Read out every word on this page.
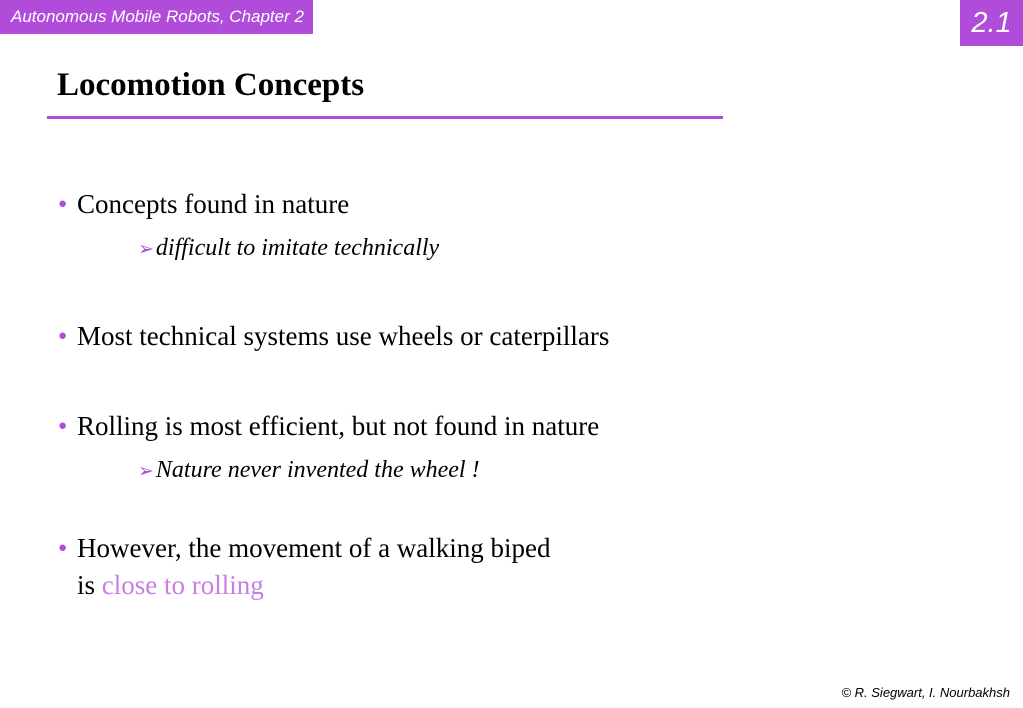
Autonomous Mobile Robots, Chapter 2	2.1
Locomotion Concepts
● Concepts found in nature
➢difficult to imitate technically
● Most technical systems use wheels or caterpillars
● Rolling is most efficient, but not found in nature
➢Nature never invented the wheel !
● However, the movement of a walking biped
is close to rolling
© R. Siegwart, I. Nourbakhsh
